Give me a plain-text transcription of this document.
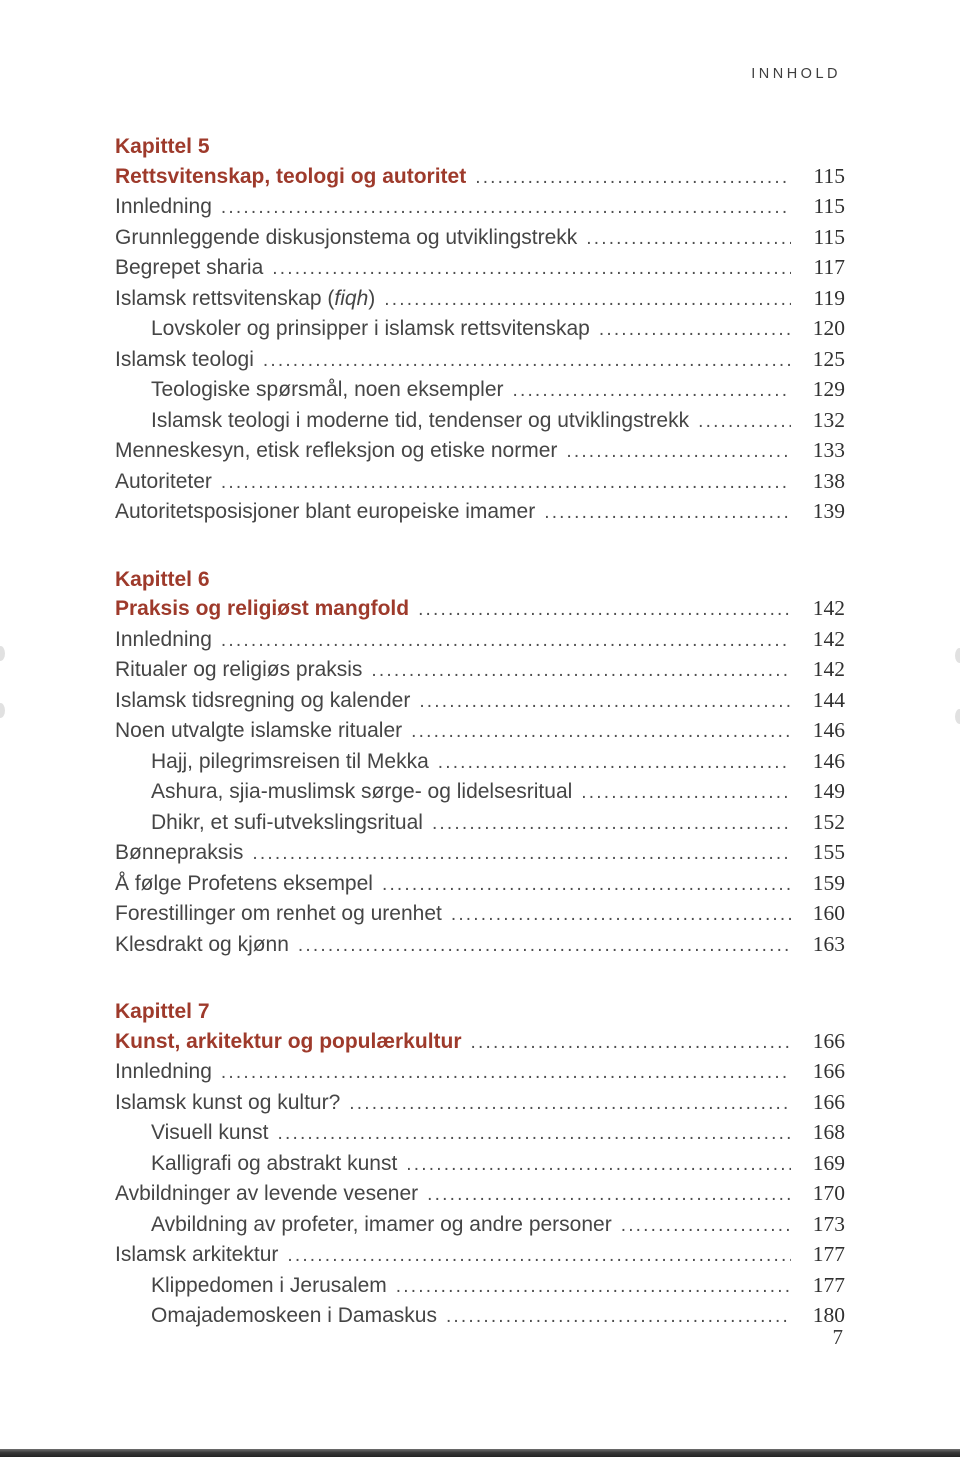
INNHOLD
Kapittel 5
Rettsvitenskap, teologi og autoritet .....	115
Innledning .....	115
Grunnleggende diskusjonstema og utviklingstrekk .....	115
Begrepet sharia .....	117
Islamsk rettsvitenskap (fiqh) .....	119
Lovskoler og prinsipper i islamsk rettsvitenskap .....	120
Islamsk teologi .....	125
Teologiske spørsmål, noen eksempler .....	129
Islamsk teologi i moderne tid, tendenser og utviklingstrekk .....	132
Menneskesyn, etisk refleksjon og etiske normer .....	133
Autoriteter .....	138
Autoritetsposisjoner blant europeiske imamer .....	139
Kapittel 6
Praksis og religiøst mangfold .....	142
Innledning .....	142
Ritualer og religiøs praksis .....	142
Islamsk tidsregning og kalender .....	144
Noen utvalgte islamske ritualer .....	146
Hajj, pilegrimsreisen til Mekka .....	146
Ashura, sjia-muslimsk sørge- og lidelsesritual .....	149
Dhikr, et sufi-utvekslingsritual .....	152
Bønnepraksis .....	155
Å følge Profetens eksempel .....	159
Forestillinger om renhet og urenhet .....	160
Klesdrakt og kjønn .....	163
Kapittel 7
Kunst, arkitektur og populærkultur .....	166
Innledning .....	166
Islamsk kunst og kultur? .....	166
Visuell kunst .....	168
Kalligrafi og abstrakt kunst .....	169
Avbildninger av levende vesener .....	170
Avbildning av profeter, imamer og andre personer .....	173
Islamsk arkitektur .....	177
Klippedomen i Jerusalem .....	177
Omajademoskeen i Damaskus .....	180
7
